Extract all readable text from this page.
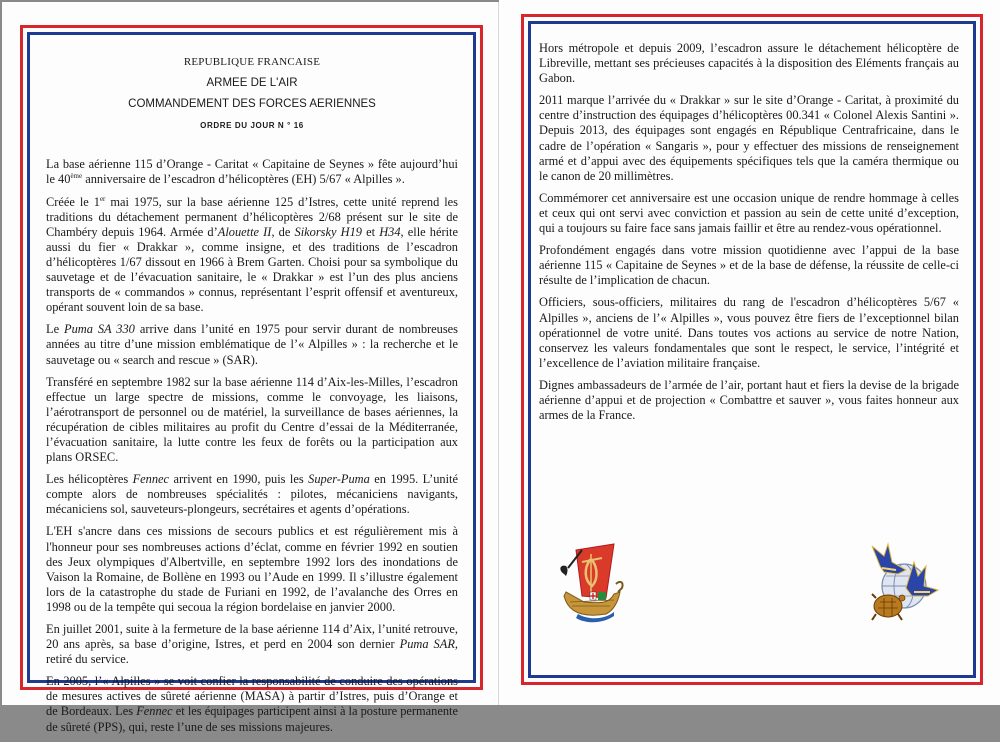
REPUBLIQUE FRANCAISE
ARMEE DE L'AIR
COMMANDEMENT DES FORCES AERIENNES
ORDRE DU JOUR N ° 16

La base aérienne 115 d’Orange - Caritat « Capitaine de Seynes » fête aujourd’hui le 40ème anniversaire de l’escadron d’hélicoptères (EH) 5/67 « Alpilles ».

Créée le 1er mai 1975, sur la base aérienne 125 d’Istres, cette unité reprend les traditions du détachement permanent d’hélicoptères 2/68 présent sur le site de Chambéry depuis 1964. Armée d’Alouette II, de Sikorsky H19 et H34, elle hérite aussi du fier « Drakkar », comme insigne, et des traditions de l’escadron d’hélicoptères 1/67 dissout en 1966 à Brem Garten. Choisi pour sa symbolique du sauvetage et de l’évacuation sanitaire, le « Drakkar » est l’un des plus anciens transports de « commandos » connus, représentant l’esprit offensif et aventureux, opérant souvent loin de sa base.

Le Puma SA 330 arrive dans l’unité en 1975 pour servir durant de nombreuses années au titre d’une mission emblématique de l’« Alpilles » : la recherche et le sauvetage ou « search and rescue » (SAR).

Transféré en septembre 1982 sur la base aérienne 114 d’Aix-les-Milles, l’escadron effectue un large spectre de missions, comme le convoyage, les liaisons, l’aérotransport de personnel ou de matériel, la surveillance de bases aériennes, la récupération de cibles militaires au profit du Centre d’essai de la Méditerranée, l’évacuation sanitaire, la lutte contre les feux de forêts ou la participation aux plans ORSEC.

Les hélicoptères Fennec arrivent en 1990, puis les Super-Puma en 1995. L’unité compte alors de nombreuses spécialités : pilotes, mécaniciens navigants, mécaniciens sol, sauveteurs-plongeurs, secrétaires et agents d’opérations.

L'EH s'ancre dans ces missions de secours publics et est régulièrement mis à l'honneur pour ses nombreuses actions d’éclat, comme en février 1992 en soutien des Jeux olympiques d'Albertville, en septembre 1992 lors des inondations de Vaison la Romaine, de Bollène en 1993 ou l’Aude en 1999. Il s’illustre également lors de la catastrophe du stade de Furiani en 1992, de l’avalanche des Orres en 1998 ou de la tempête qui secoua la région bordelaise en janvier 2000.

En juillet 2001, suite à la fermeture de la base aérienne 114 d’Aix, l’unité retrouve, 20 ans après, sa base d’origine, Istres, et perd en 2004 son dernier Puma SAR, retiré du service.

En 2005, l’« Alpilles » se voit confier la responsabilité de conduire des opérations de mesures actives de sûreté aérienne (MASA) à partir d’Istres, puis d’Orange et de Bordeaux. Les Fennec et les équipages participent ainsi à la posture permanente de sûreté (PPS), qui, reste l’une de ses missions majeures.

Hors métropole et depuis 2009, l’escadron assure le détachement hélicoptère de Libreville, mettant ses précieuses capacités à la disposition des Eléments français au Gabon.

2011 marque l’arrivée du « Drakkar » sur le site d’Orange - Caritat, à proximité du centre d’instruction des équipages d’hélicoptères 00.341 « Colonel Alexis Santini ». Depuis 2013, des équipages sont engagés en République Centrafricaine, dans le cadre de l’opération « Sangaris », pour y effectuer des missions de renseignement armé et d’appui avec des équipements spécifiques tels que la caméra thermique ou le canon de 20 millimètres.

Commémorer cet anniversaire est une occasion unique de rendre hommage à celles et ceux qui ont servi avec conviction et passion au sein de cette unité d’exception, qui a toujours su faire face sans jamais faillir et être au rendez-vous opérationnel.

Profondément engagés dans votre mission quotidienne avec l’appui de la base aérienne 115 « Capitaine de Seynes » et de la base de défense, la réussite de celle-ci résulte de l’implication de chacun.

Officiers, sous-officiers, militaires du rang de l'escadron d’hélicoptères 5/67 « Alpilles », anciens de l’« Alpilles », vous pouvez être fiers de l’exceptionnel bilan opérationnel de votre unité. Dans toutes vos actions au service de notre Nation, conservez les valeurs fondamentales que sont le respect, le service, l’intégrité et l’excellence de l’aviation militaire française.

Dignes ambassadeurs de l’armée de l’air, portant haut et fiers la devise de la brigade aérienne d’appui et de projection « Combattre et sauver », vous faites honneur aux armes de la France.
